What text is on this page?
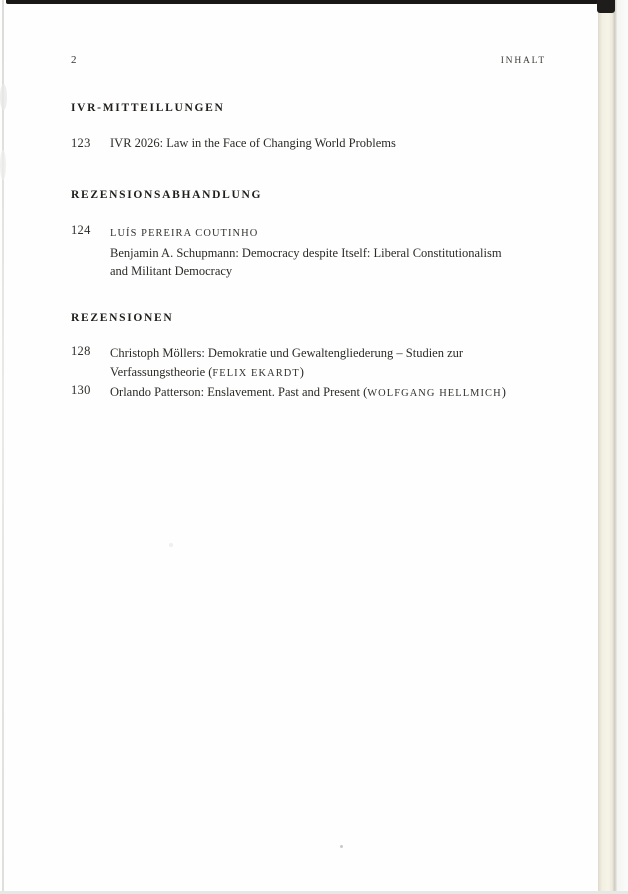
2	INHALT
IVR-MITTEILLUNGEN
123	IVR 2026: Law in the Face of Changing World Problems
REZENSIONSABHANDLUNG
124	LUÍS PEREIRA COUTINHO
Benjamin A. Schupmann: Democracy despite Itself: Liberal Constitutionalism
and Militant Democracy
REZENSIONEN
128	Christoph Möllers: Demokratie und Gewaltengliederung – Studien zur
Verfassungstheorie (FELIX EKARDT)
130	Orlando Patterson: Enslavement. Past and Present (WOLFGANG HELLMICH)
